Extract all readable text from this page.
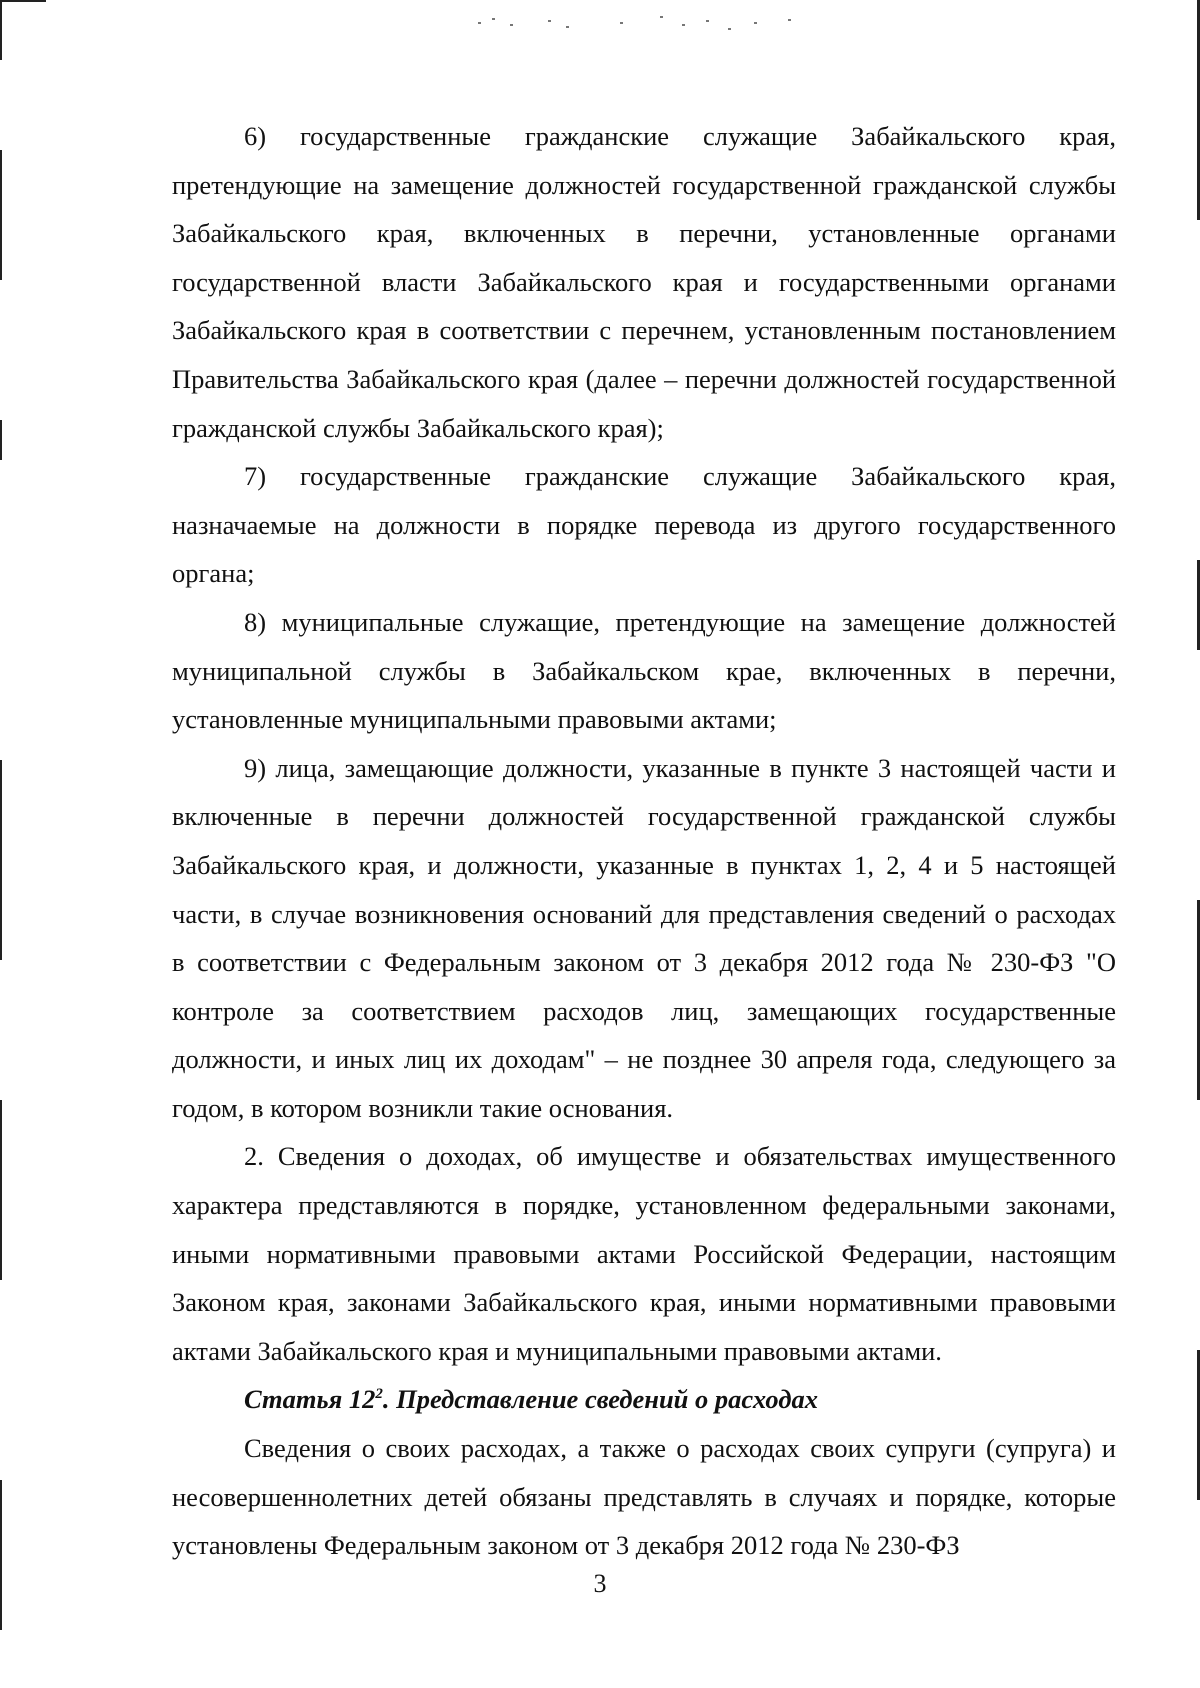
6) государственные гражданские служащие Забайкальского края, претендующие на замещение должностей государственной гражданской службы Забайкальского края, включенных в перечни, установленные органами государственной власти Забайкальского края и государственными органами Забайкальского края в соответствии с перечнем, установленным постановлением Правительства Забайкальского края (далее – перечни должностей государственной гражданской службы Забайкальского края);

7) государственные гражданские служащие Забайкальского края, назначаемые на должности в порядке перевода из другого государственного органа;

8) муниципальные служащие, претендующие на замещение должностей муниципальной службы в Забайкальском крае, включенных в перечни, установленные муниципальными правовыми актами;

9) лица, замещающие должности, указанные в пункте 3 настоящей части и включенные в перечни должностей государственной гражданской службы Забайкальского края, и должности, указанные в пунктах 1, 2, 4 и 5 настоящей части, в случае возникновения оснований для представления сведений о расходах в соответствии с Федеральным законом от 3 декабря 2012 года № 230-ФЗ "О контроле за соответствием расходов лиц, замещающих государственные должности, и иных лиц их доходам" – не позднее 30 апреля года, следующего за годом, в котором возникли такие основания.

2. Сведения о доходах, об имуществе и обязательствах имущественного характера представляются в порядке, установленном федеральными законами, иными нормативными правовыми актами Российской Федерации, настоящим Законом края, законами Забайкальского края, иными нормативными правовыми актами Забайкальского края и муниципальными правовыми актами.

Статья $12^2$. Представление сведений о расходах

Сведения о своих расходах, а также о расходах своих супруги (супруга) и несовершеннолетних детей обязаны представлять в случаях и порядке, которые установлены Федеральным законом от 3 декабря 2012 года № 230-ФЗ

3
